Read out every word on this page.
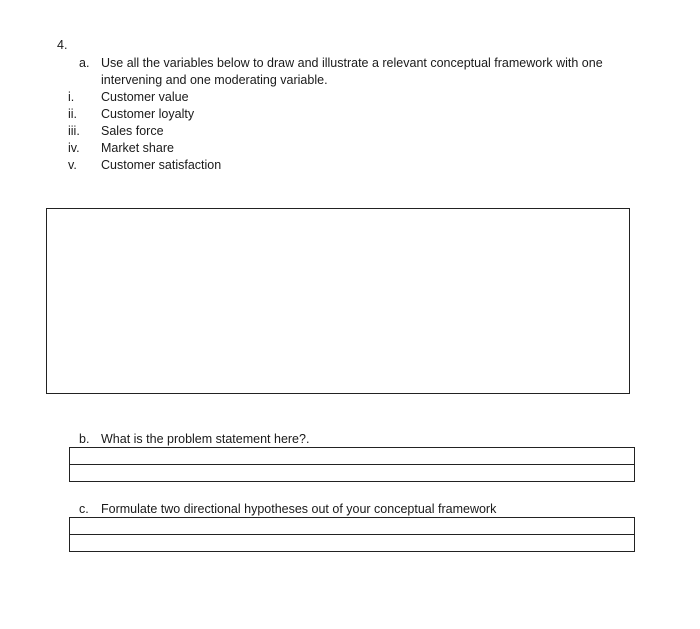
4.
a. Use all the variables below to draw and illustrate a relevant conceptual framework with one
intervening and one moderating variable.
i. Customer value
ii. Customer loyalty
iii. Sales force
iv. Market share
v. Customer satisfaction
b. What is the problem statement here?.
c. Formulate two directional hypotheses out of your conceptual framework
